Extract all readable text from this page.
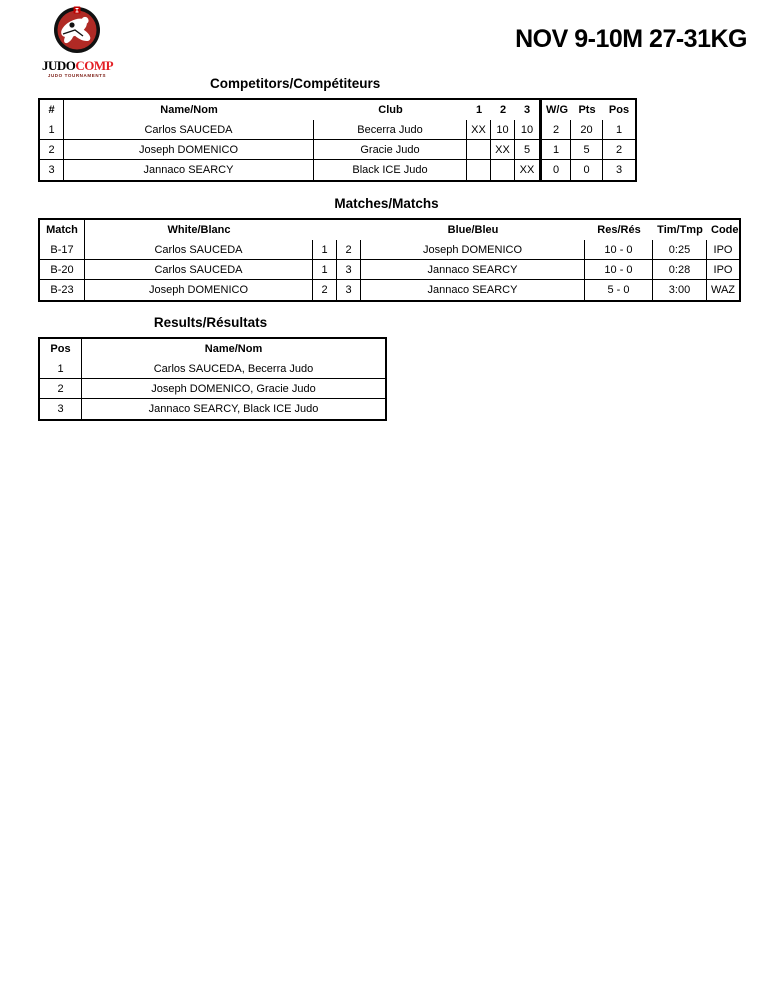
JUDOCOMP
JUDO TOURNAMENTS
NOV 9-10M 27-31KG
Competitors/Compétiteurs
#	Name/Nom	Club	1	2	3	W/G	Pts	Pos
1	Carlos SAUCEDA	Becerra Judo	XX	10	10	2	20	1
2	Joseph DOMENICO	Gracie Judo		XX	5	1	5	2
3	Jannaco SEARCY	Black ICE Judo			XX	0	0	3
Matches/Matchs
Match	White/Blanc			Blue/Bleu	Res/Rés	Tim/Tmp	Code
B-17	Carlos SAUCEDA	1	2	Joseph DOMENICO	10 - 0	0:25	IPO
B-20	Carlos SAUCEDA	1	3	Jannaco SEARCY	10 - 0	0:28	IPO
B-23	Joseph DOMENICO	2	3	Jannaco SEARCY	5 - 0	3:00	WAZ
Results/Résultats
Pos	Name/Nom
1	Carlos SAUCEDA, Becerra Judo
2	Joseph DOMENICO, Gracie Judo
3	Jannaco SEARCY, Black ICE Judo
